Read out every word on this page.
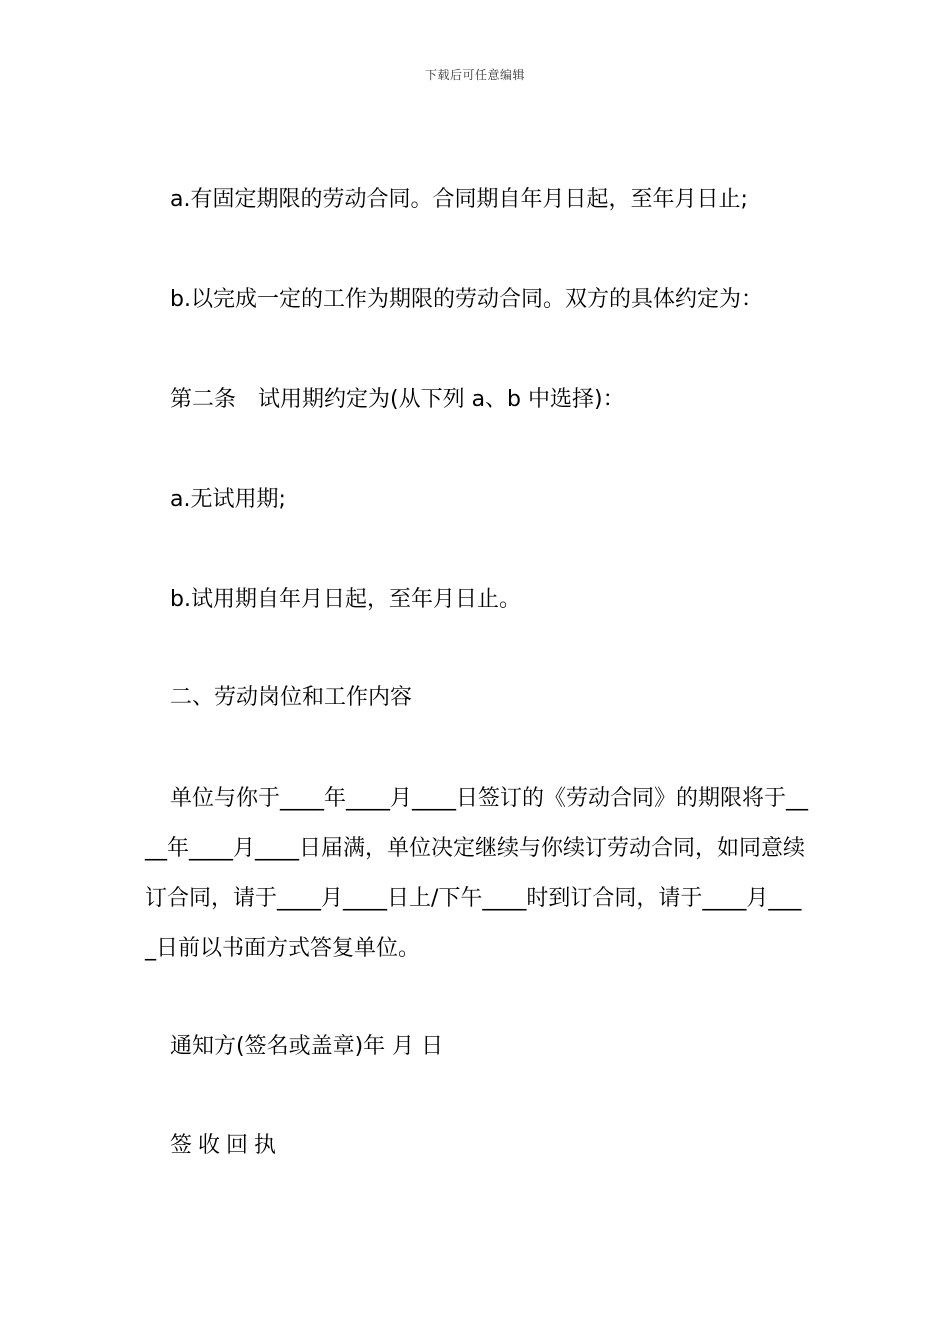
下载后可任意编辑
a.有固定期限的劳动合同。合同期自年月日起，至年月日止;
b.以完成一定的工作为期限的劳动合同。双方的具体约定为：
第二条　试用期约定为(从下列 a、b 中选择)：
a.无试用期;
b.试用期自年月日起，至年月日止。
二、劳动岗位和工作内容
单位与你于____年____月____日签订的《劳动合同》的期限将于____年____月____日届满，单位决定继续与你续订劳动合同，如同意续订合同，请于____月____日上/下午____时到订合同，请于____月____日前以书面方式答复单位。
通知方(签名或盖章)年 月 日
签收回执
